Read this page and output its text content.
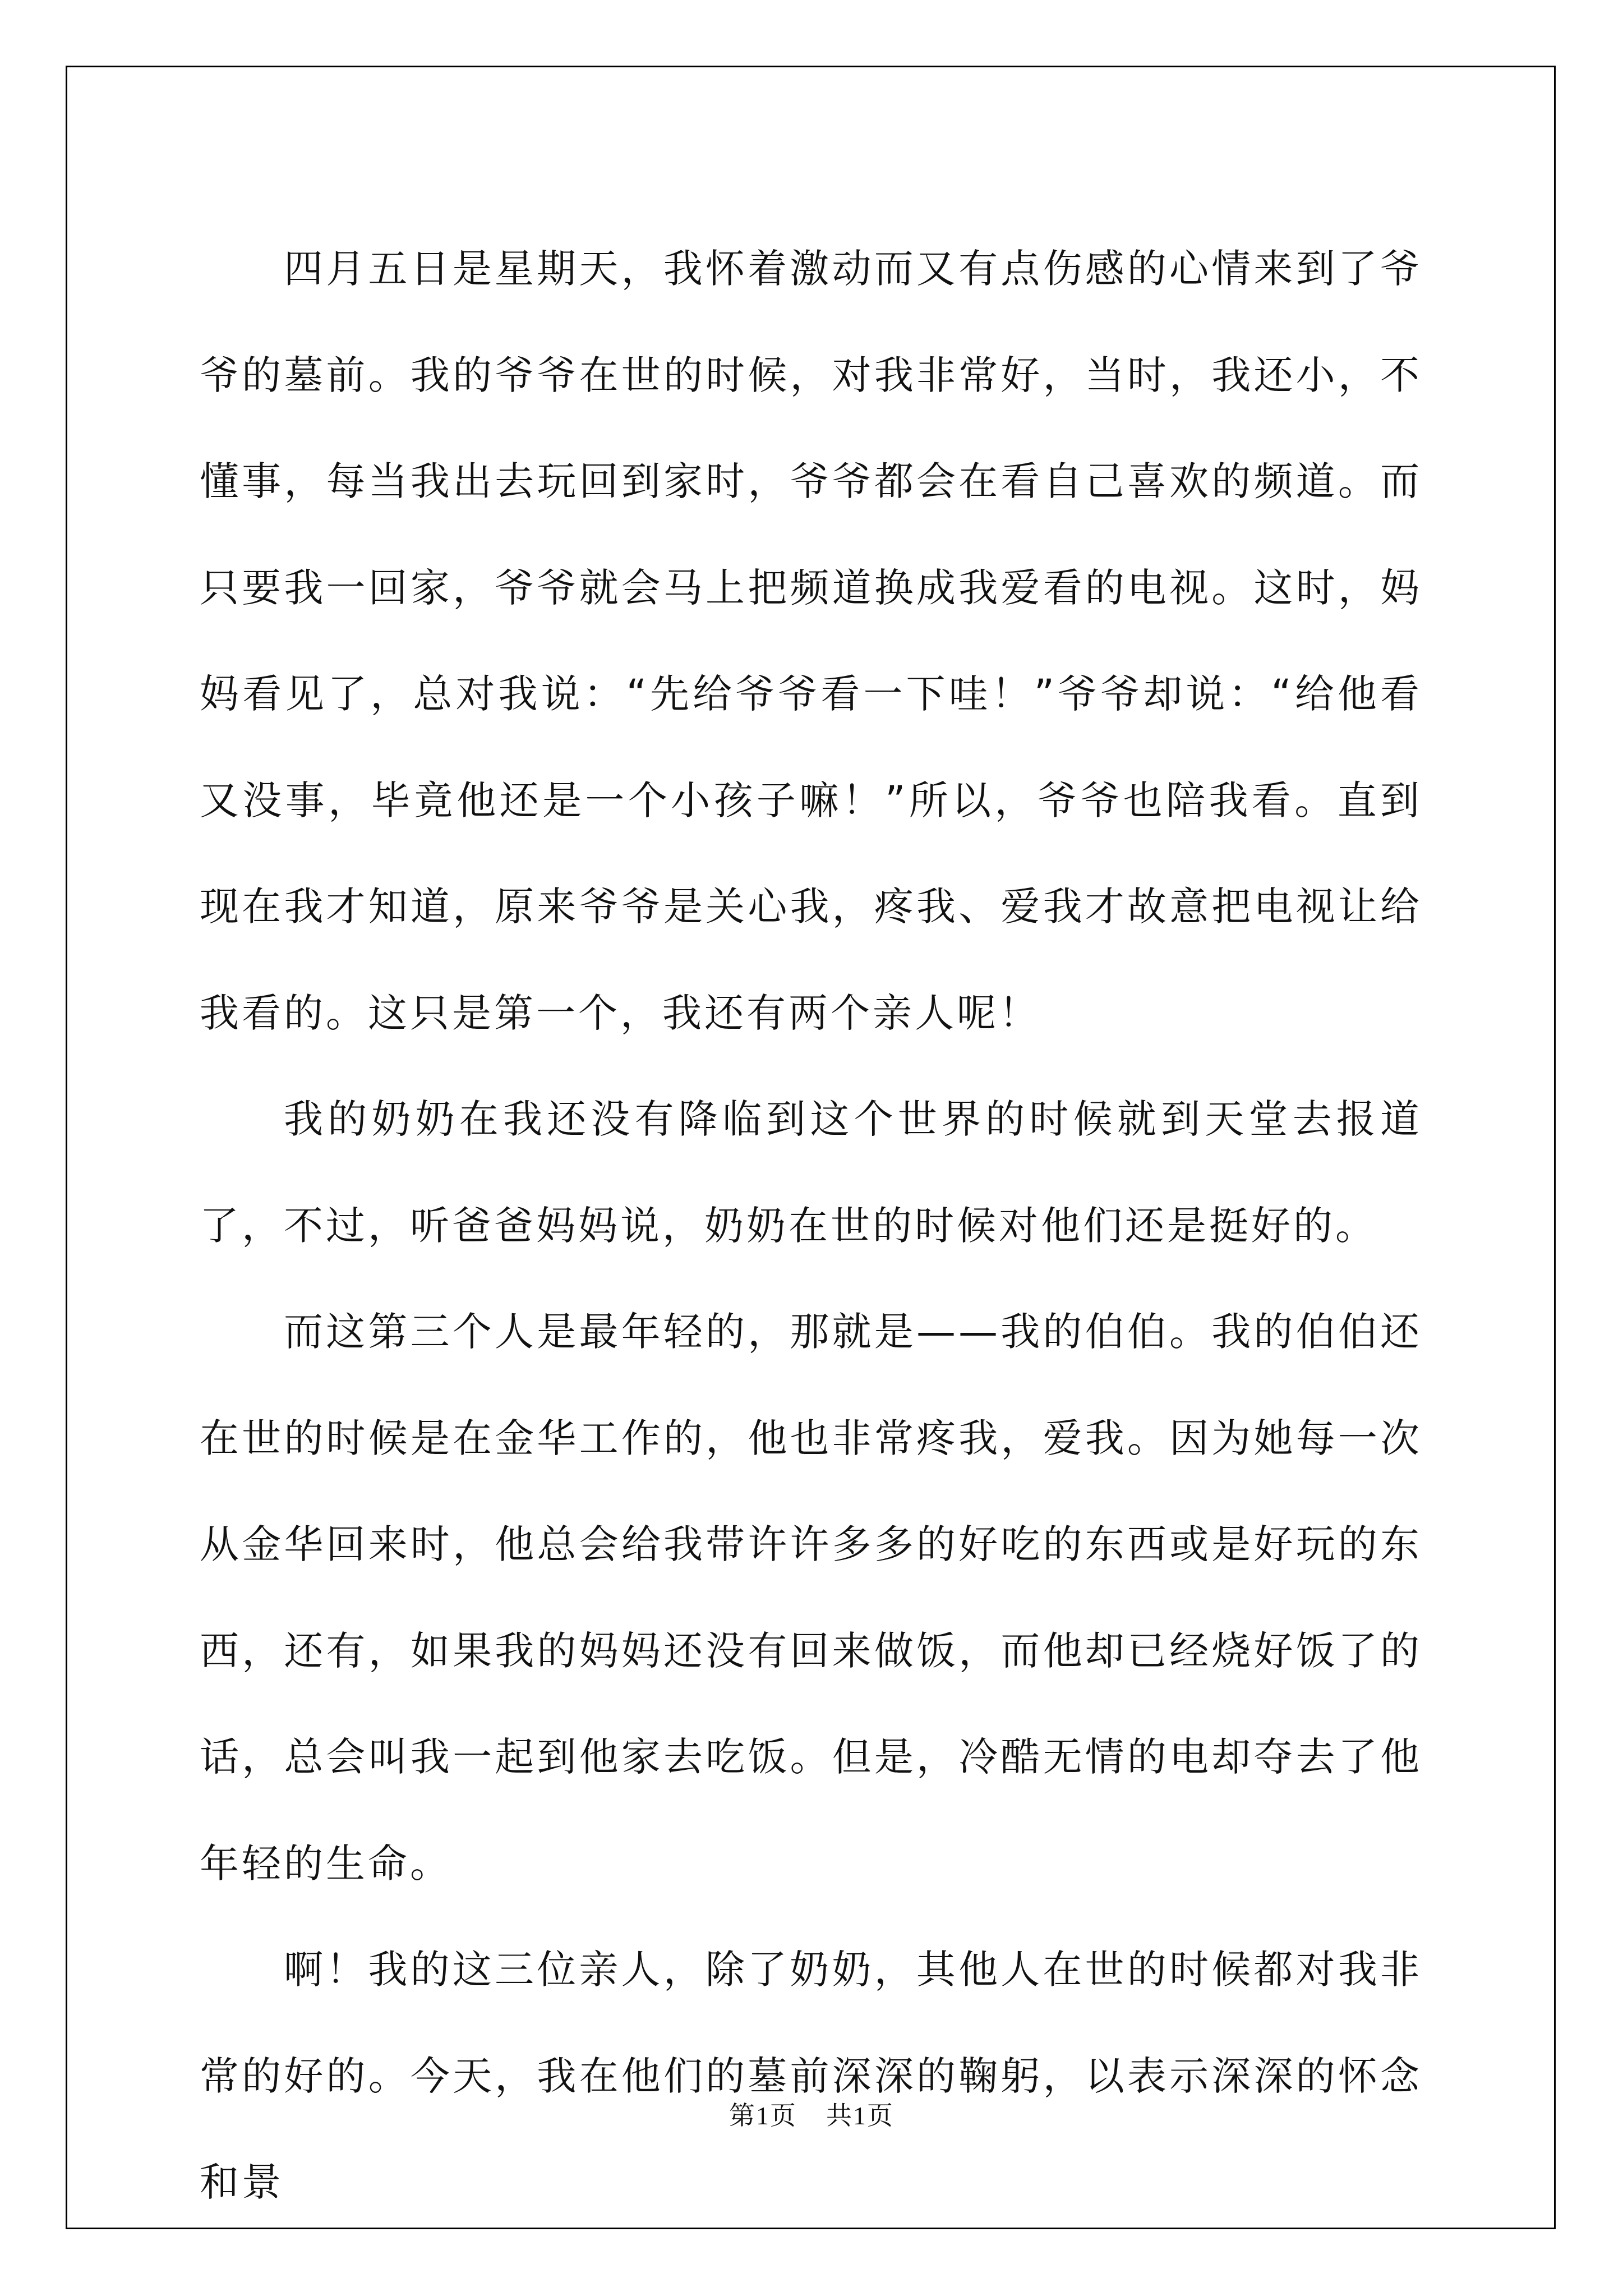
四月五日是星期天，我怀着激动而又有点伤感的心情来到了爷爷的墓前。我的爷爷在世的时候，对我非常好，当时，我还小，不懂事，每当我出去玩回到家时，爷爷都会在看自己喜欢的频道。而只要我一回家，爷爷就会马上把频道换成我爱看的电视。这时，妈妈看见了，总对我说：“先给爷爷看一下哇！”爷爷却说：“给他看又没事，毕竟他还是一个小孩子嘛！”所以，爷爷也陪我看。直到现在我才知道，原来爷爷是关心我，疼我、爱我才故意把电视让给我看的。这只是第一个，我还有两个亲人呢！

我的奶奶在我还没有降临到这个世界的时候就到天堂去报道了，不过，听爸爸妈妈说，奶奶在世的时候对他们还是挺好的。

而这第三个人是最年轻的，那就是——我的伯伯。我的伯伯还在世的时候是在金华工作的，他也非常疼我，爱我。因为她每一次从金华回来时，他总会给我带许许多多的好吃的东西或是好玩的东西，还有，如果我的妈妈还没有回来做饭，而他却已经烧好饭了的话，总会叫我一起到他家去吃饭。但是，冷酷无情的电却夺去了他年轻的生命。

啊！我的这三位亲人，除了奶奶，其他人在世的时候都对我非常的好的。今天，我在他们的墓前深深的鞠躬，以表示深深的怀念和景

第1页 共1页
